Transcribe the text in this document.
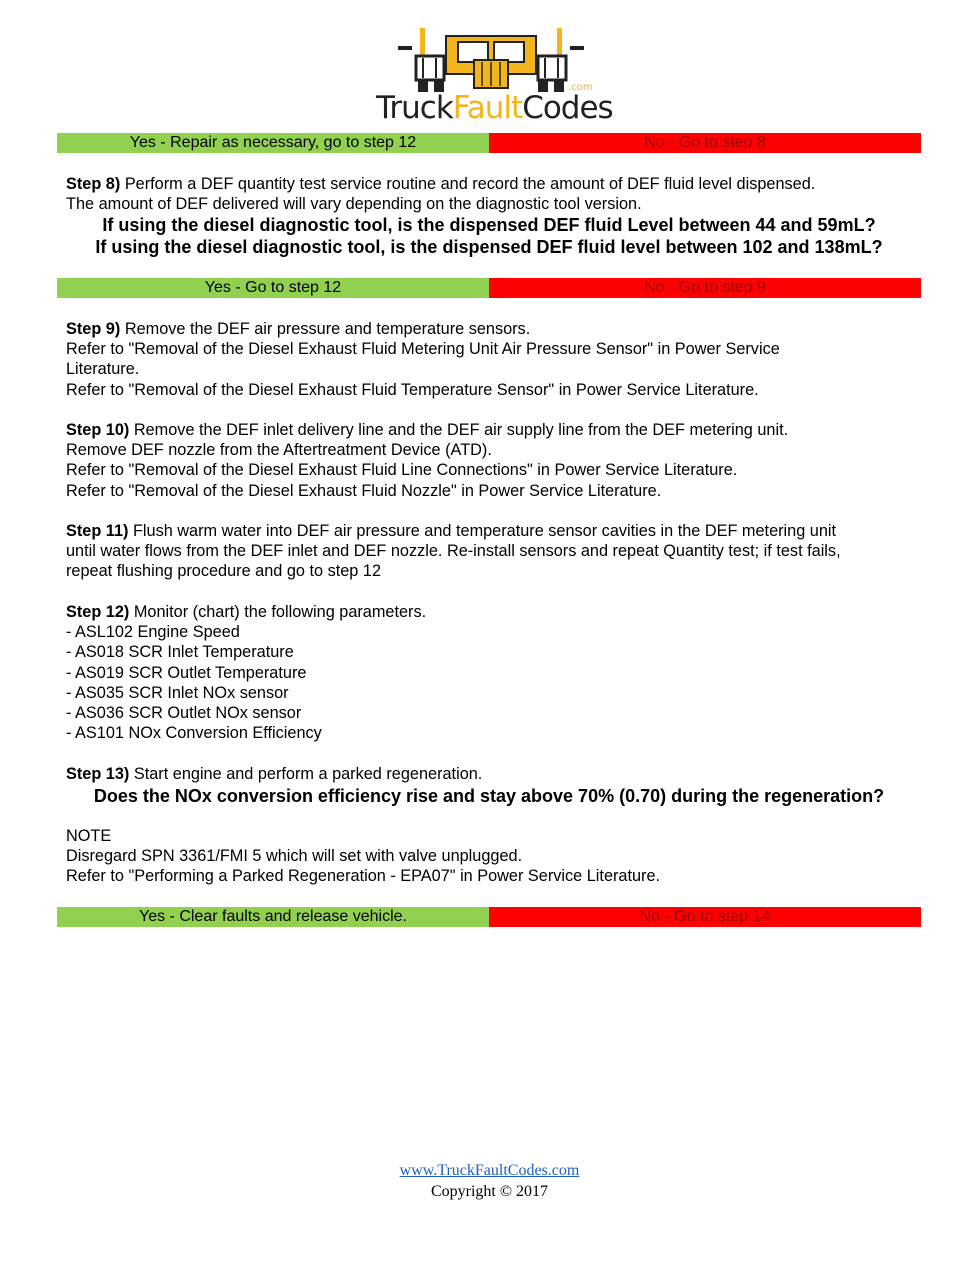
.com
TruckFaultCodes
Yes - Repair as necessary, go to step 12	No - Go to step 8

Step 8) Perform a DEF quantity test service routine and record the amount of DEF fluid level dispensed.

The amount of DEF delivered will vary depending on the diagnostic tool version.

If using the diesel diagnostic tool, is the dispensed DEF fluid Level between 44 and 59mL?
If using the diesel diagnostic tool, is the dispensed DEF fluid level between 102 and 138mL?
Yes - Go to step 12	No - Go to step 9

Step 9) Remove the DEF air pressure and temperature sensors.

Refer to "Removal of the Diesel Exhaust Fluid Metering Unit Air Pressure Sensor" in Power Service

Literature.

Refer to "Removal of the Diesel Exhaust Fluid Temperature Sensor" in Power Service Literature.

Step 10) Remove the DEF inlet delivery line and the DEF air supply line from the DEF metering unit.

Remove DEF nozzle from the Aftertreatment Device (ATD).

Refer to "Removal of the Diesel Exhaust Fluid Line Connections" in Power Service Literature.

Refer to "Removal of the Diesel Exhaust Fluid Nozzle" in Power Service Literature.

Step 11) Flush warm water into DEF air pressure and temperature sensor cavities in the DEF metering unit

until water flows from the DEF inlet and DEF nozzle. Re-install sensors and repeat Quantity test; if test fails,

repeat flushing procedure and go to step 12

Step 12) Monitor (chart) the following parameters.

- ASL102 Engine Speed

- AS018 SCR Inlet Temperature

- AS019 SCR Outlet Temperature

- AS035 SCR Inlet NOx sensor

- AS036 SCR Outlet NOx sensor

- AS101 NOx Conversion Efficiency

Step 13) Start engine and perform a parked regeneration.

Does the NOx conversion efficiency rise and stay above 70% (0.70) during the regeneration?

NOTE

Disregard SPN 3361/FMI 5 which will set with valve unplugged.

Refer to "Performing a Parked Regeneration - EPA07" in Power Service Literature.

Yes - Clear faults and release vehicle.	No - Go to step 14
www.TruckFaultCodes.com
Copyright © 2017
